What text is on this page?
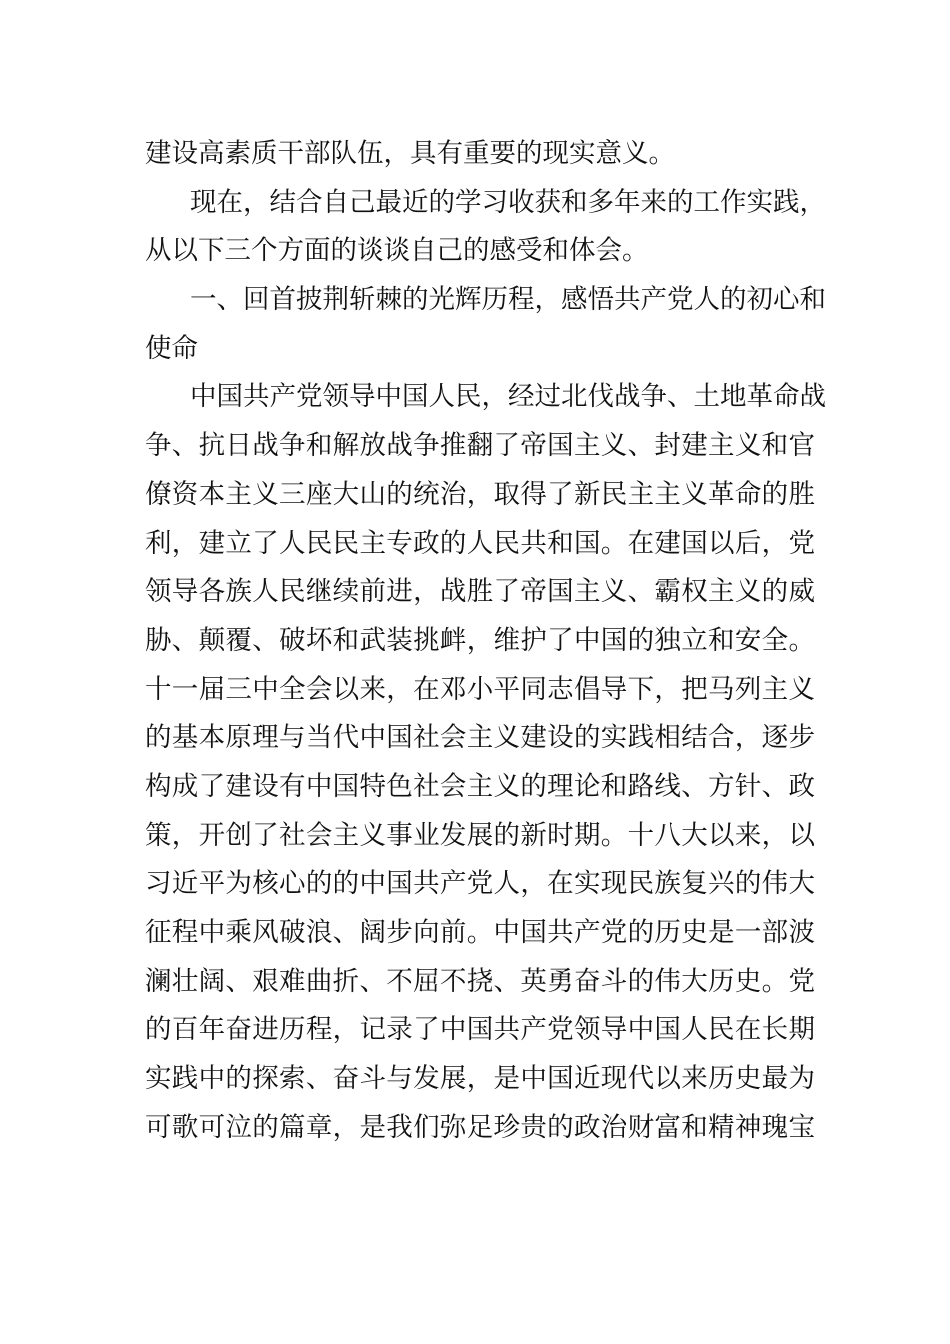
建设高素质干部队伍，具有重要的现实意义。
现在，结合自己最近的学习收获和多年来的工作实践，
从以下三个方面的谈谈自己的感受和体会。
一、回首披荆斩棘的光辉历程，感悟共产党人的初心和
使命
中国共产党领导中国人民，经过北伐战争、土地革命战
争、抗日战争和解放战争推翻了帝国主义、封建主义和官
僚资本主义三座大山的统治，取得了新民主主义革命的胜
利，建立了人民民主专政的人民共和国。在建国以后，党
领导各族人民继续前进，战胜了帝国主义、霸权主义的威
胁、颠覆、破坏和武装挑衅，维护了中国的独立和安全。
十一届三中全会以来，在邓小平同志倡导下，把马列主义
的基本原理与当代中国社会主义建设的实践相结合，逐步
构成了建设有中国特色社会主义的理论和路线、方针、政
策，开创了社会主义事业发展的新时期。十八大以来，以
习近平为核心的的中国共产党人，在实现民族复兴的伟大
征程中乘风破浪、阔步向前。中国共产党的历史是一部波
澜壮阔、艰难曲折、不屈不挠、英勇奋斗的伟大历史。党
的百年奋进历程，记录了中国共产党领导中国人民在长期
实践中的探索、奋斗与发展，是中国近现代以来历史最为
可歌可泣的篇章，是我们弥足珍贵的政治财富和精神瑰宝
